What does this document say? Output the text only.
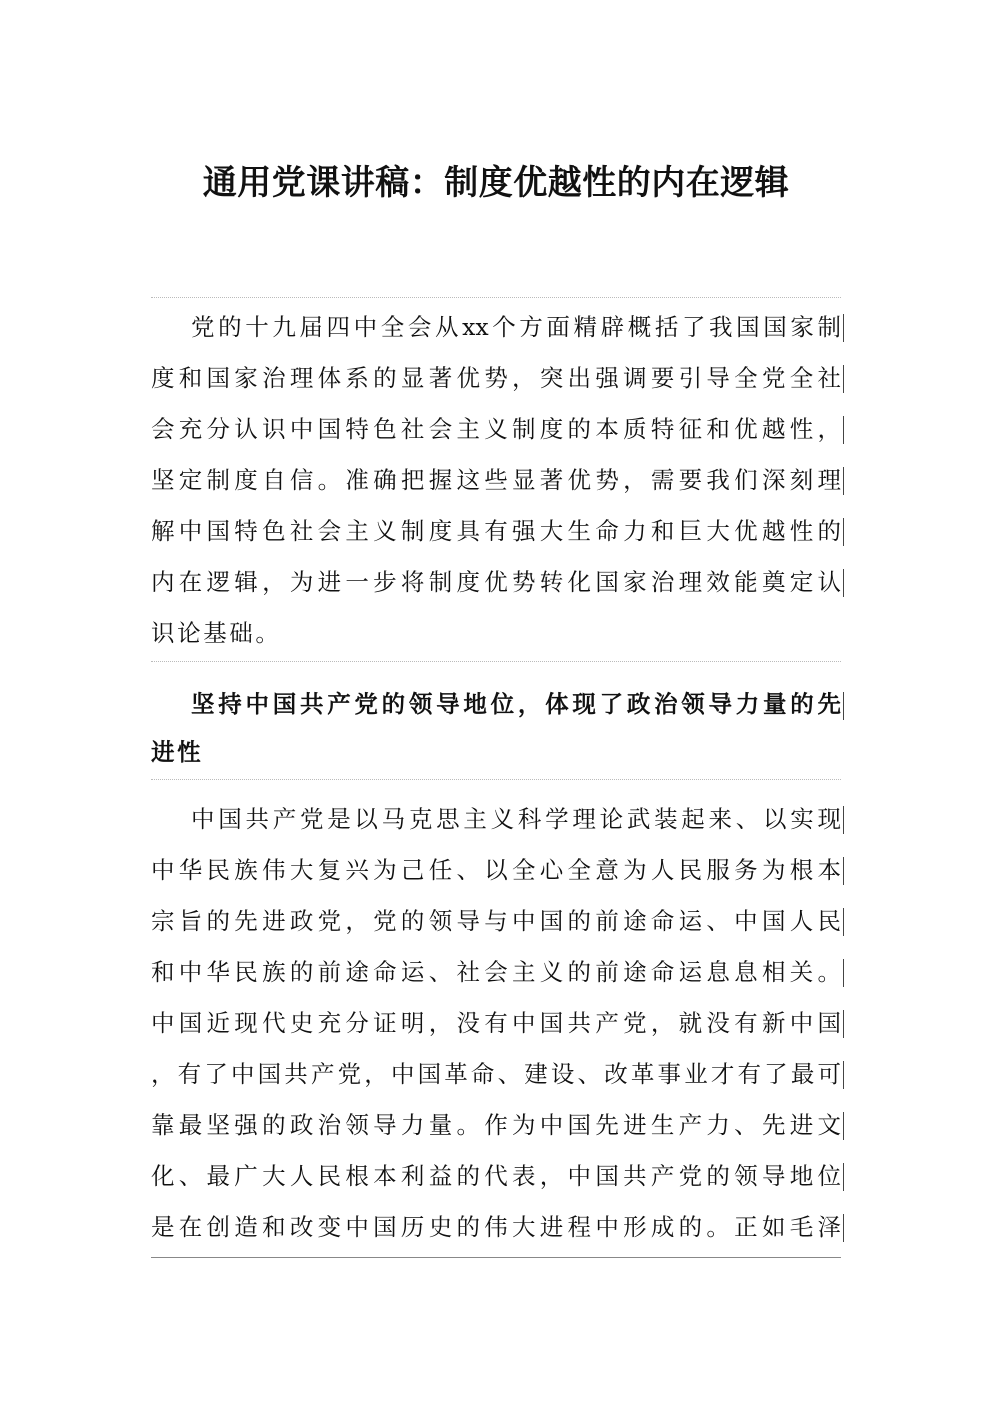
通用党课讲稿：制度优越性的内在逻辑
党的十九届四中全会从xx个方面精辟概括了我国国家制
度和国家治理体系的显著优势，突出强调要引导全党全社
会充分认识中国特色社会主义制度的本质特征和优越性，
坚定制度自信。准确把握这些显著优势，需要我们深刻理
解中国特色社会主义制度具有强大生命力和巨大优越性的
内在逻辑，为进一步将制度优势转化国家治理效能奠定认
识论基础。
坚持中国共产党的领导地位，体现了政治领导力量的先
进性
中国共产党是以马克思主义科学理论武装起来、以实现
中华民族伟大复兴为己任、以全心全意为人民服务为根本
宗旨的先进政党，党的领导与中国的前途命运、中国人民
和中华民族的前途命运、社会主义的前途命运息息相关。
中国近现代史充分证明，没有中国共产党，就没有新中国
，有了中国共产党，中国革命、建设、改革事业才有了最可
靠最坚强的政治领导力量。作为中国先进生产力、先进文
化、最广大人民根本利益的代表，中国共产党的领导地位
是在创造和改变中国历史的伟大进程中形成的。正如毛泽
